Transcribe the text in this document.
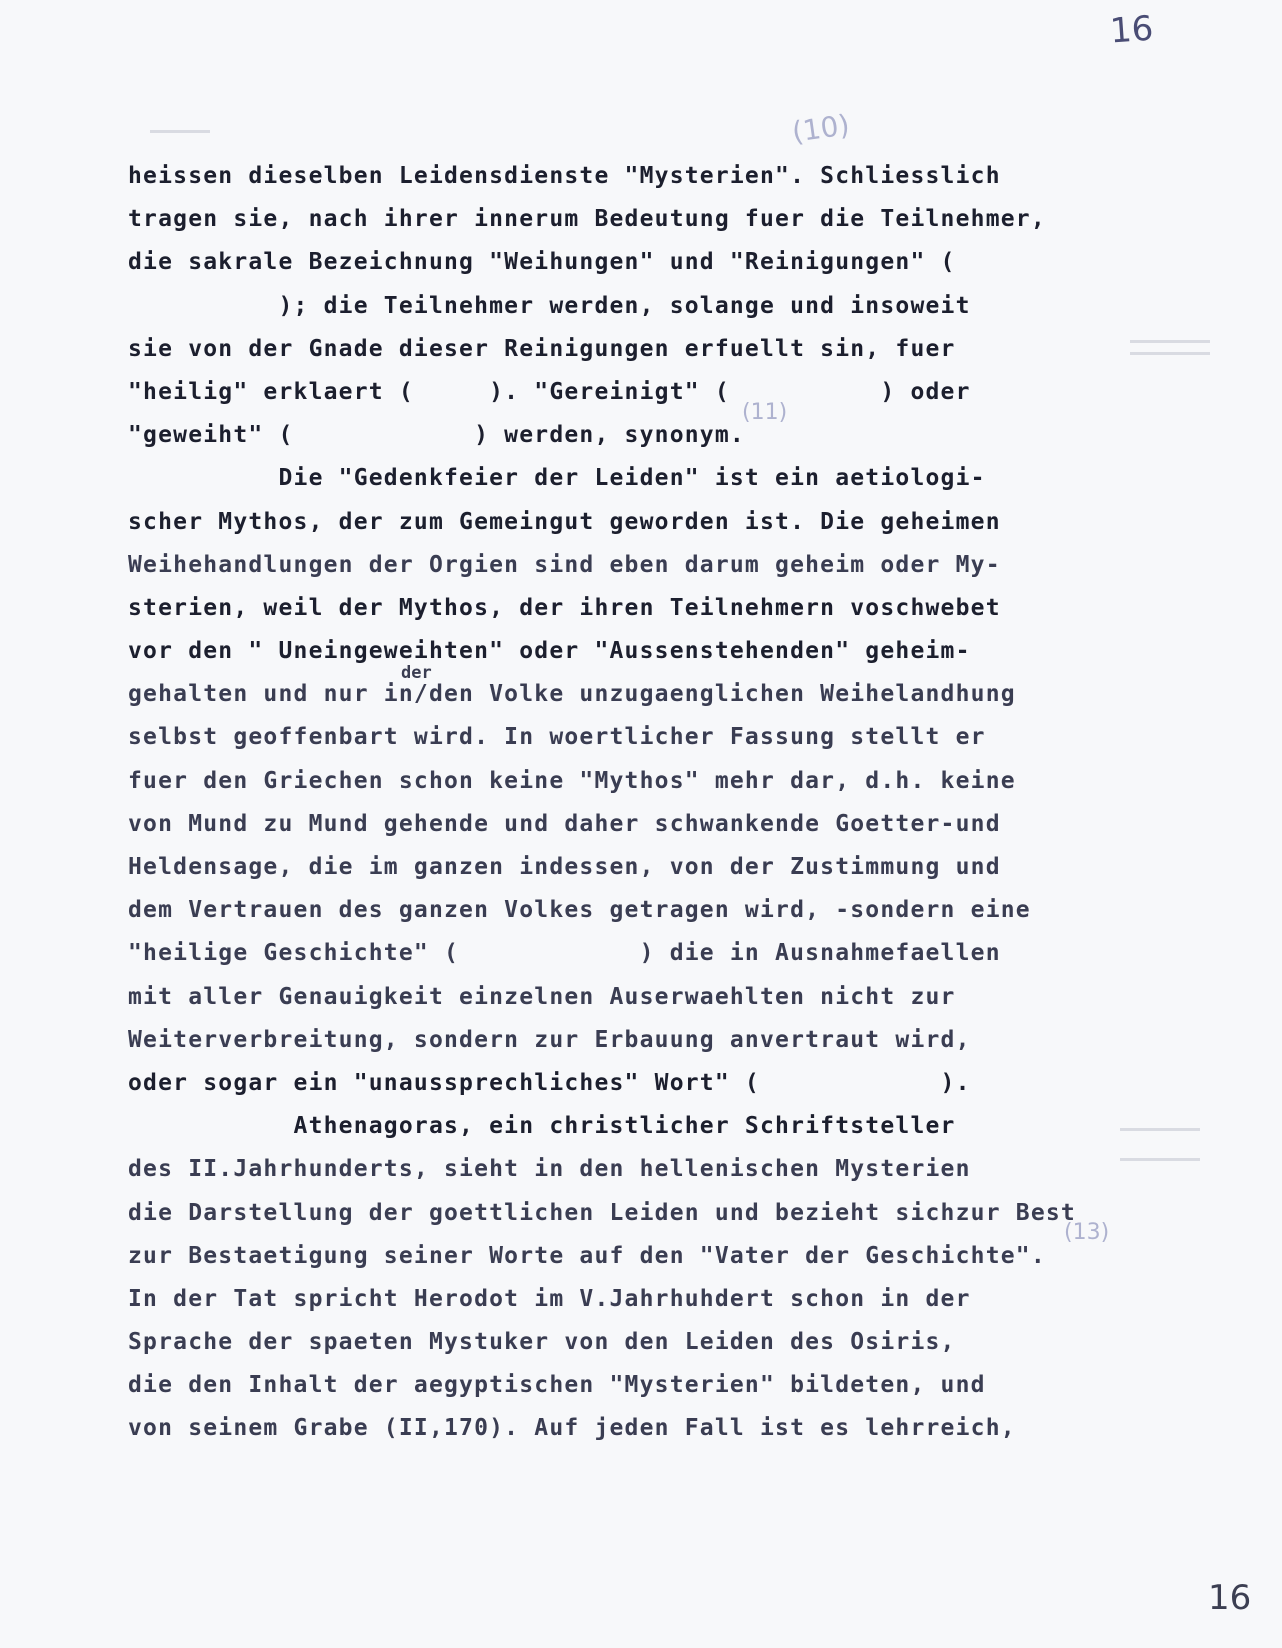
16
(10)
(11)
(13)
heissen dieselben Leidensdienste "Mysterien". Schliesslich
tragen sie, nach ihrer innerum Bedeutung fuer die Teilnehmer,
die sakrale Bezeichnung "Weihungen" und "Reinigungen" (
); die Teilnehmer werden, solange und insoweit
sie von der Gnade dieser Reinigungen erfuellt sin, fuer
"heilig" erklaert (     ). "Gereinigt" (          ) oder
"geweiht" (            ) werden, synonym.
Die "Gedenkfeier der Leiden" ist ein aetiologi-
scher Mythos, der zum Gemeingut geworden ist. Die geheimen
Weihehandlungen der Orgien sind eben darum geheim oder My-
sterien, weil der Mythos, der ihren Teilnehmern voschwebet
vor den " Uneingeweihten" oder "Aussenstehenden" geheim-
gehalten und nur in/den Volke unzugaenglichen Weihelandhung
selbst geoffenbart wird. In woertlicher Fassung stellt er
fuer den Griechen schon keine "Mythos" mehr dar, d.h. keine
von Mund zu Mund gehende und daher schwankende Goetter-und
Heldensage, die im ganzen indessen, von der Zustimmung und
dem Vertrauen des ganzen Volkes getragen wird, -sondern eine
"heilige Geschichte" (            ) die in Ausnahmefaellen
mit aller Genauigkeit einzelnen Auserwaehlten nicht zur
Weiterverbreitung, sondern zur Erbauung anvertraut wird,
oder sogar ein "unaussprechliches" Wort" (            ).
Athenagoras, ein christlicher Schriftsteller
des II.Jahrhunderts, sieht in den hellenischen Mysterien
die Darstellung der goettlichen Leiden und bezieht sichzur Best
zur Bestaetigung seiner Worte auf den "Vater der Geschichte".
In der Tat spricht Herodot im V.Jahrhuhdert schon in der
Sprache der spaeten Mystuker von den Leiden des Osiris,
die den Inhalt der aegyptischen "Mysterien" bildeten, und
von seinem Grabe (II,170). Auf jeden Fall ist es lehrreich,
der
16
